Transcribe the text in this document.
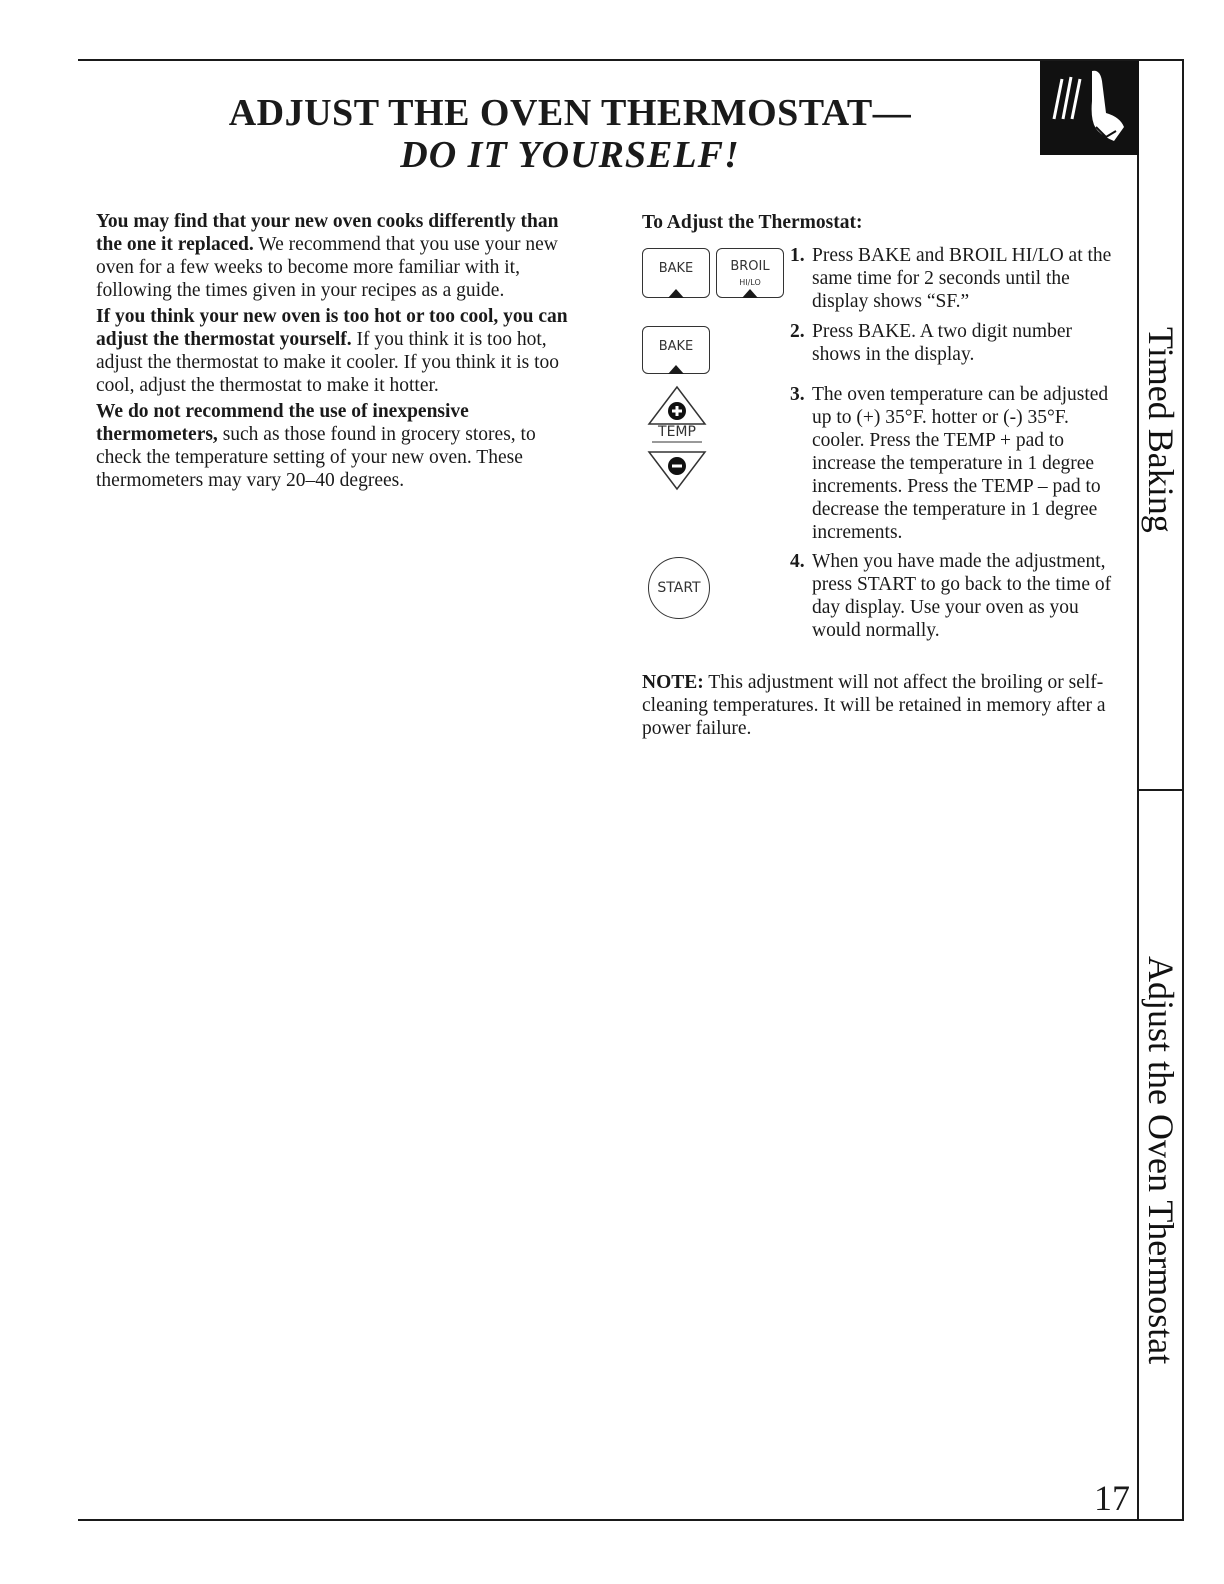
ADJUST THE OVEN THERMOSTAT—
DO IT YOURSELF!

You may find that your new oven cooks differently than the one it replaced. We recommend that you use your new oven for a few weeks to become more familiar with it, following the times given in your recipes as a guide.

If you think your new oven is too hot or too cool, you can adjust the thermostat yourself. If you think it is too hot, adjust the thermostat to make it cooler. If you think it is too cool, adjust the thermostat to make it hotter.

We do not recommend the use of inexpensive thermometers, such as those found in grocery stores, to check the temperature setting of your new oven. These thermometers may vary 20–40 degrees.

To Adjust the Thermostat:
BAKE	BROIL
HI/LO
BAKE
TEMP
START
1. Press BAKE and BROIL HI/LO at the same time for 2 seconds until the display shows “SF.”
2. Press BAKE. A two digit number shows in the display.
3. The oven temperature can be adjusted up to (+) 35°F. hotter or (-) 35°F. cooler. Press the TEMP + pad to increase the temperature in 1 degree increments. Press the TEMP – pad to decrease the temperature in 1 degree increments.
4. When you have made the adjustment, press START to go back to the time of day display. Use your oven as you would normally.
NOTE: This adjustment will not affect the broiling or self-cleaning temperatures. It will be retained in memory after a power failure.
Timed Baking
Adjust the Oven Thermostat
17
